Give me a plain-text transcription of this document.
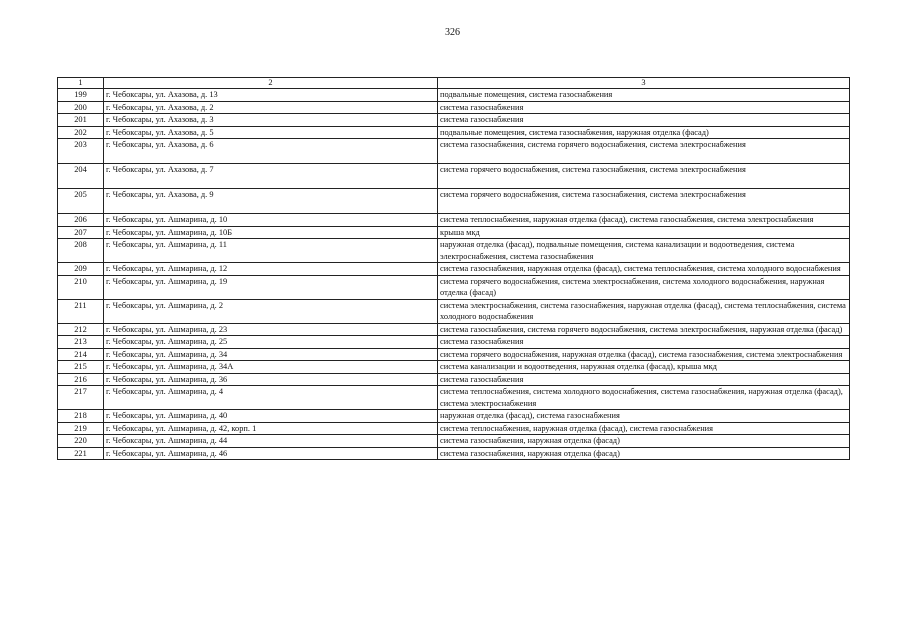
326
1	2	3
199	г. Чебоксары, ул. Ахазова, д. 13	подвальные помещения, система газоснабжения
200	г. Чебоксары, ул. Ахазова, д. 2	система газоснабжения
201	г. Чебоксары, ул. Ахазова, д. 3	система газоснабжения
202	г. Чебоксары, ул. Ахазова, д. 5	подвальные помещения, система газоснабжения, наружная отделка (фасад)
203	г. Чебоксары, ул. Ахазова, д. 6	система газоснабжения, система горячего водоснабжения, система электроснабжения
204	г. Чебоксары, ул. Ахазова, д. 7	система горячего водоснабжения, система газоснабжения, система электроснабжения
205	г. Чебоксары, ул. Ахазова, д. 9	система горячего водоснабжения, система газоснабжения, система электроснабжения
206	г. Чебоксары, ул. Ашмарина, д. 10	система теплоснабжения, наружная отделка (фасад), система газоснабжения, система электроснабжения
207	г. Чебоксары, ул. Ашмарина, д. 10Б	крыша мкд
208	г. Чебоксары, ул. Ашмарина, д. 11	наружная отделка (фасад), подвальные помещения, система канализации и водоотведения, система электроснабжения, система газоснабжения
209	г. Чебоксары, ул. Ашмарина, д. 12	система газоснабжения, наружная отделка (фасад), система теплоснабжения, система холодного водоснабжения
210	г. Чебоксары, ул. Ашмарина, д. 19	система горячего водоснабжения, система электроснабжения, система холодного водоснабжения, наружная отделка (фасад)
211	г. Чебоксары, ул. Ашмарина, д. 2	система электроснабжения, система газоснабжения, наружная отделка (фасад), система теплоснабжения, система холодного водоснабжения
212	г. Чебоксары, ул. Ашмарина, д. 23	система газоснабжения, система горячего водоснабжения, система электроснабжения, наружная отделка (фасад)
213	г. Чебоксары, ул. Ашмарина, д. 25	система газоснабжения
214	г. Чебоксары, ул. Ашмарина, д. 34	система горячего водоснабжения, наружная отделка (фасад), система газоснабжения, система электроснабжения
215	г. Чебоксары, ул. Ашмарина, д. 34А	система канализации и водоотведения, наружная отделка (фасад), крыша мкд
216	г. Чебоксары, ул. Ашмарина, д. 36	система газоснабжения
217	г. Чебоксары, ул. Ашмарина, д. 4	система теплоснабжения, система холодного водоснабжения, система газоснабжения, наружная отделка (фасад), система электроснабжения
218	г. Чебоксары, ул. Ашмарина, д. 40	наружная отделка (фасад), система газоснабжения
219	г. Чебоксары, ул. Ашмарина, д. 42, корп. 1	система теплоснабжения, наружная отделка (фасад), система газоснабжения
220	г. Чебоксары, ул. Ашмарина, д. 44	система газоснабжения, наружная отделка (фасад)
221	г. Чебоксары, ул. Ашмарина, д. 46	система газоснабжения, наружная отделка (фасад)
